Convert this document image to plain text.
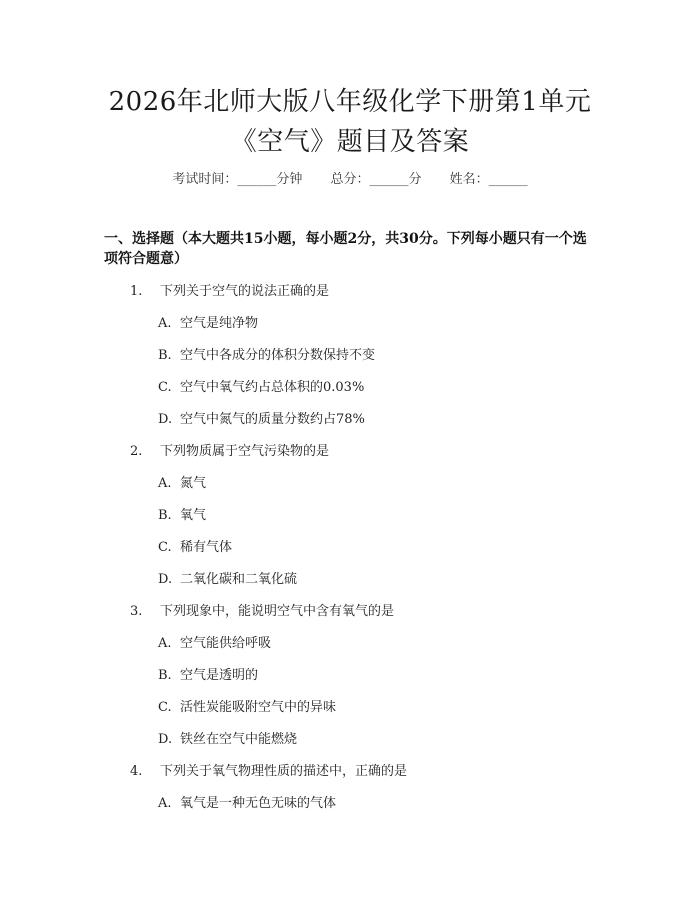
2026年北师大版八年级化学下册第1单元
《空气》题目及答案
考试时间：______分钟 总分：______分 姓名：______
一、选择题（本大题共15小题，每小题2分，共30分。下列每小题只有一个选
项符合题意）
1. 下列关于空气的说法正确的是
A. 空气是纯净物
B. 空气中各成分的体积分数保持不变
C. 空气中氧气约占总体积的0.03%
D. 空气中氮气的质量分数约占78%
2. 下列物质属于空气污染物的是
A. 氮气
B. 氧气
C. 稀有气体
D. 二氧化碳和二氧化硫
3. 下列现象中，能说明空气中含有氧气的是
A. 空气能供给呼吸
B. 空气是透明的
C. 活性炭能吸附空气中的异味
D. 铁丝在空气中能燃烧
4. 下列关于氧气物理性质的描述中，正确的是
A. 氧气是一种无色无味的气体
